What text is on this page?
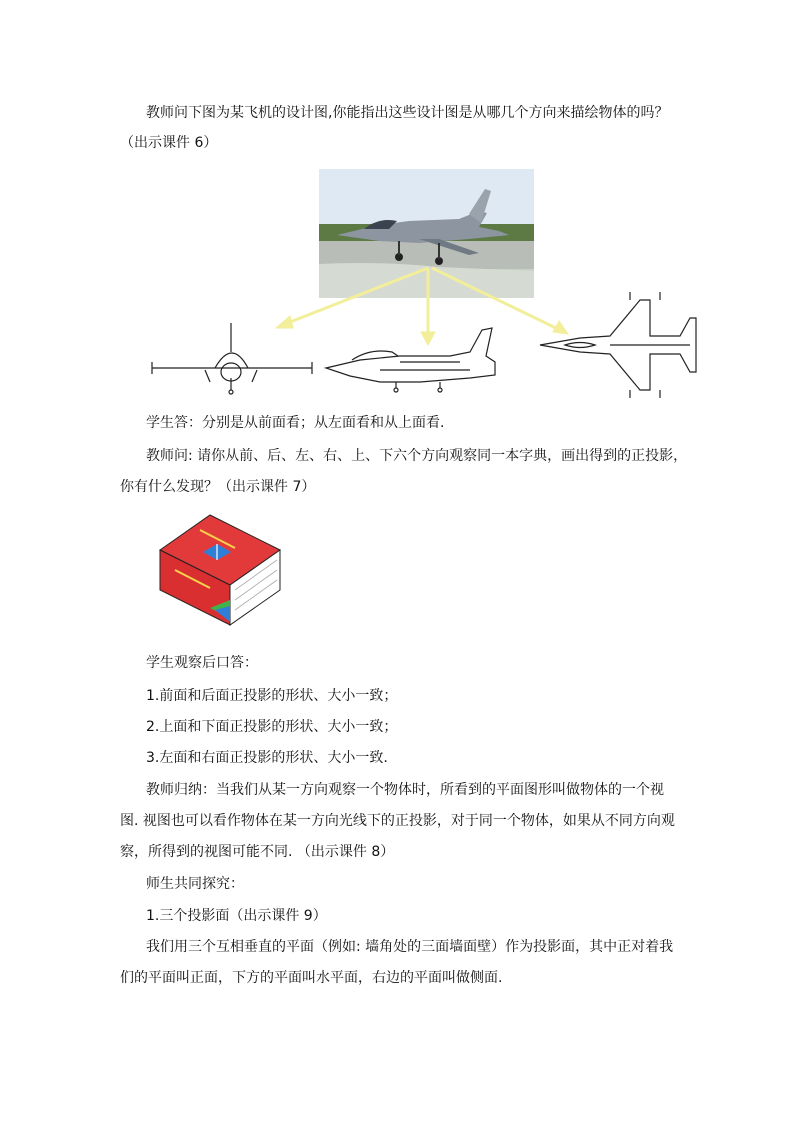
教师问下图为某飞机的设计图,你能指出这些设计图是从哪几个方向来描绘物体的吗？
（出示课件 6）
学生答：分别是从前面看；从左面看和从上面看.
教师问: 请你从前、后、左、右、上、下六个方向观察同一本字典，画出得到的正投影，
你有什么发现？（出示课件 7）
学生观察后口答：
1.前面和后面正投影的形状、大小一致；
2.上面和下面正投影的形状、大小一致；
3.左面和右面正投影的形状、大小一致.
教师归纳：当我们从某一方向观察一个物体时，所看到的平面图形叫做物体的一个视
图. 视图也可以看作物体在某一方向光线下的正投影，对于同一个物体，如果从不同方向观
察，所得到的视图可能不同. （出示课件 8）
师生共同探究：
1.三个投影面（出示课件 9）
我们用三个互相垂直的平面（例如: 墙角处的三面墙面壁）作为投影面，其中正对着我
们的平面叫正面，下方的平面叫水平面，右边的平面叫做侧面.
